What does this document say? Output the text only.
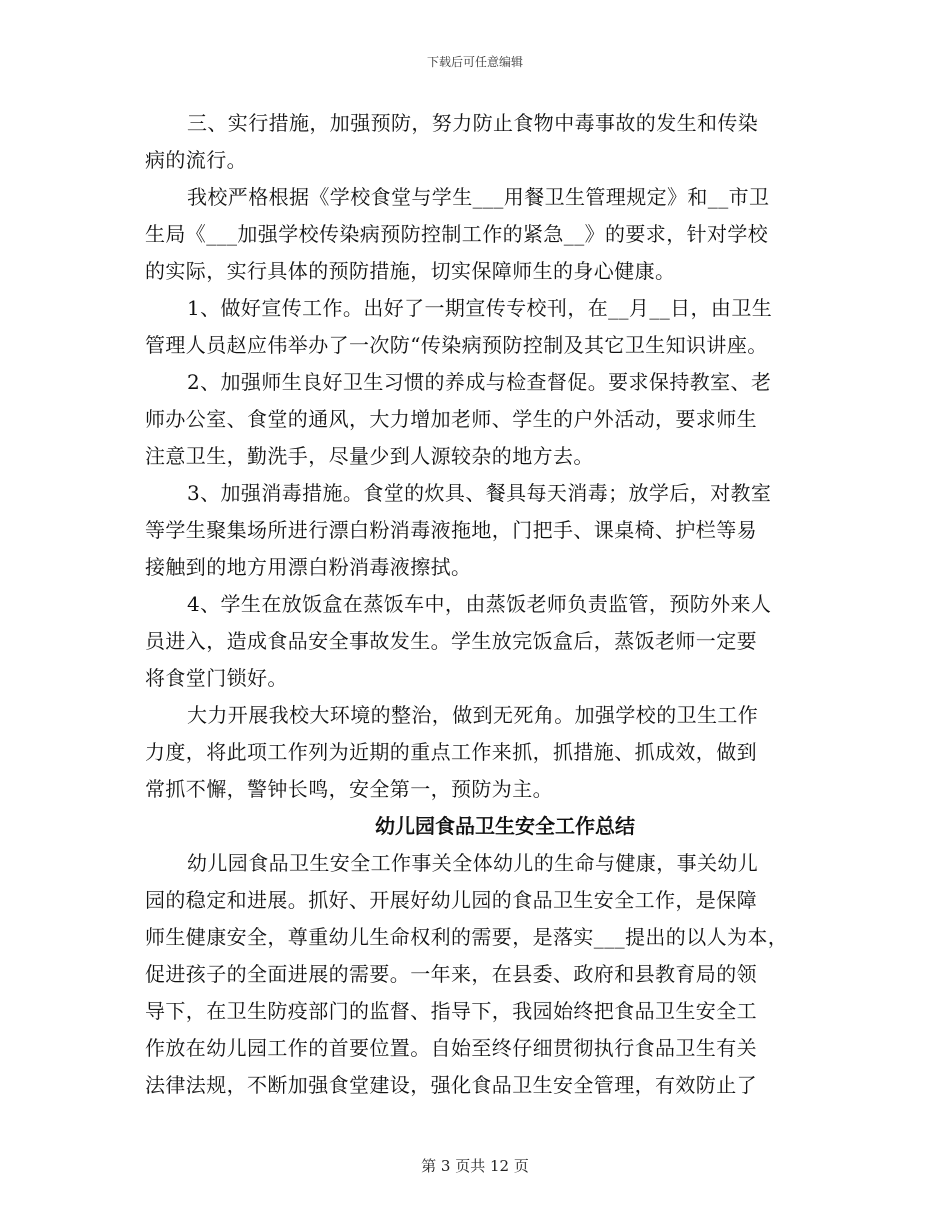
下载后可任意编辑
三、实行措施，加强预防，努力防止食物中毒事故的发生和传染
病的流行。
我校严格根据《学校食堂与学生___用餐卫生管理规定》和__市卫
生局《___加强学校传染病预防控制工作的紧急__》的要求，针对学校
的实际，实行具体的预防措施，切实保障师生的身心健康。
1、做好宣传工作。出好了一期宣传专校刊，在__月__日，由卫生
管理人员赵应伟举办了一次防“传染病预防控制及其它卫生知识讲座。
2、加强师生良好卫生习惯的养成与检查督促。要求保持教室、老
师办公室、食堂的通风，大力增加老师、学生的户外活动，要求师生
注意卫生，勤洗手，尽量少到人源较杂的地方去。
3、加强消毒措施。食堂的炊具、餐具每天消毒；放学后，对教室
等学生聚集场所进行漂白粉消毒液拖地，门把手、课桌椅、护栏等易
接触到的地方用漂白粉消毒液擦拭。
4、学生在放饭盒在蒸饭车中，由蒸饭老师负责监管，预防外来人
员进入，造成食品安全事故发生。学生放完饭盒后，蒸饭老师一定要
将食堂门锁好。
大力开展我校大环境的整治，做到无死角。加强学校的卫生工作
力度，将此项工作列为近期的重点工作来抓，抓措施、抓成效，做到
常抓不懈，警钟长鸣，安全第一，预防为主。
幼儿园食品卫生安全工作总结
幼儿园食品卫生安全工作事关全体幼儿的生命与健康，事关幼儿
园的稳定和进展。抓好、开展好幼儿园的食品卫生安全工作，是保障
师生健康安全，尊重幼儿生命权利的需要，是落实___提出的以人为本，
促进孩子的全面进展的需要。一年来，在县委、政府和县教育局的领
导下，在卫生防疫部门的监督、指导下，我园始终把食品卫生安全工
作放在幼儿园工作的首要位置。自始至终仔细贯彻执行食品卫生有关
法律法规，不断加强食堂建设，强化食品卫生安全管理，有效防止了
第 3 页共 12 页
